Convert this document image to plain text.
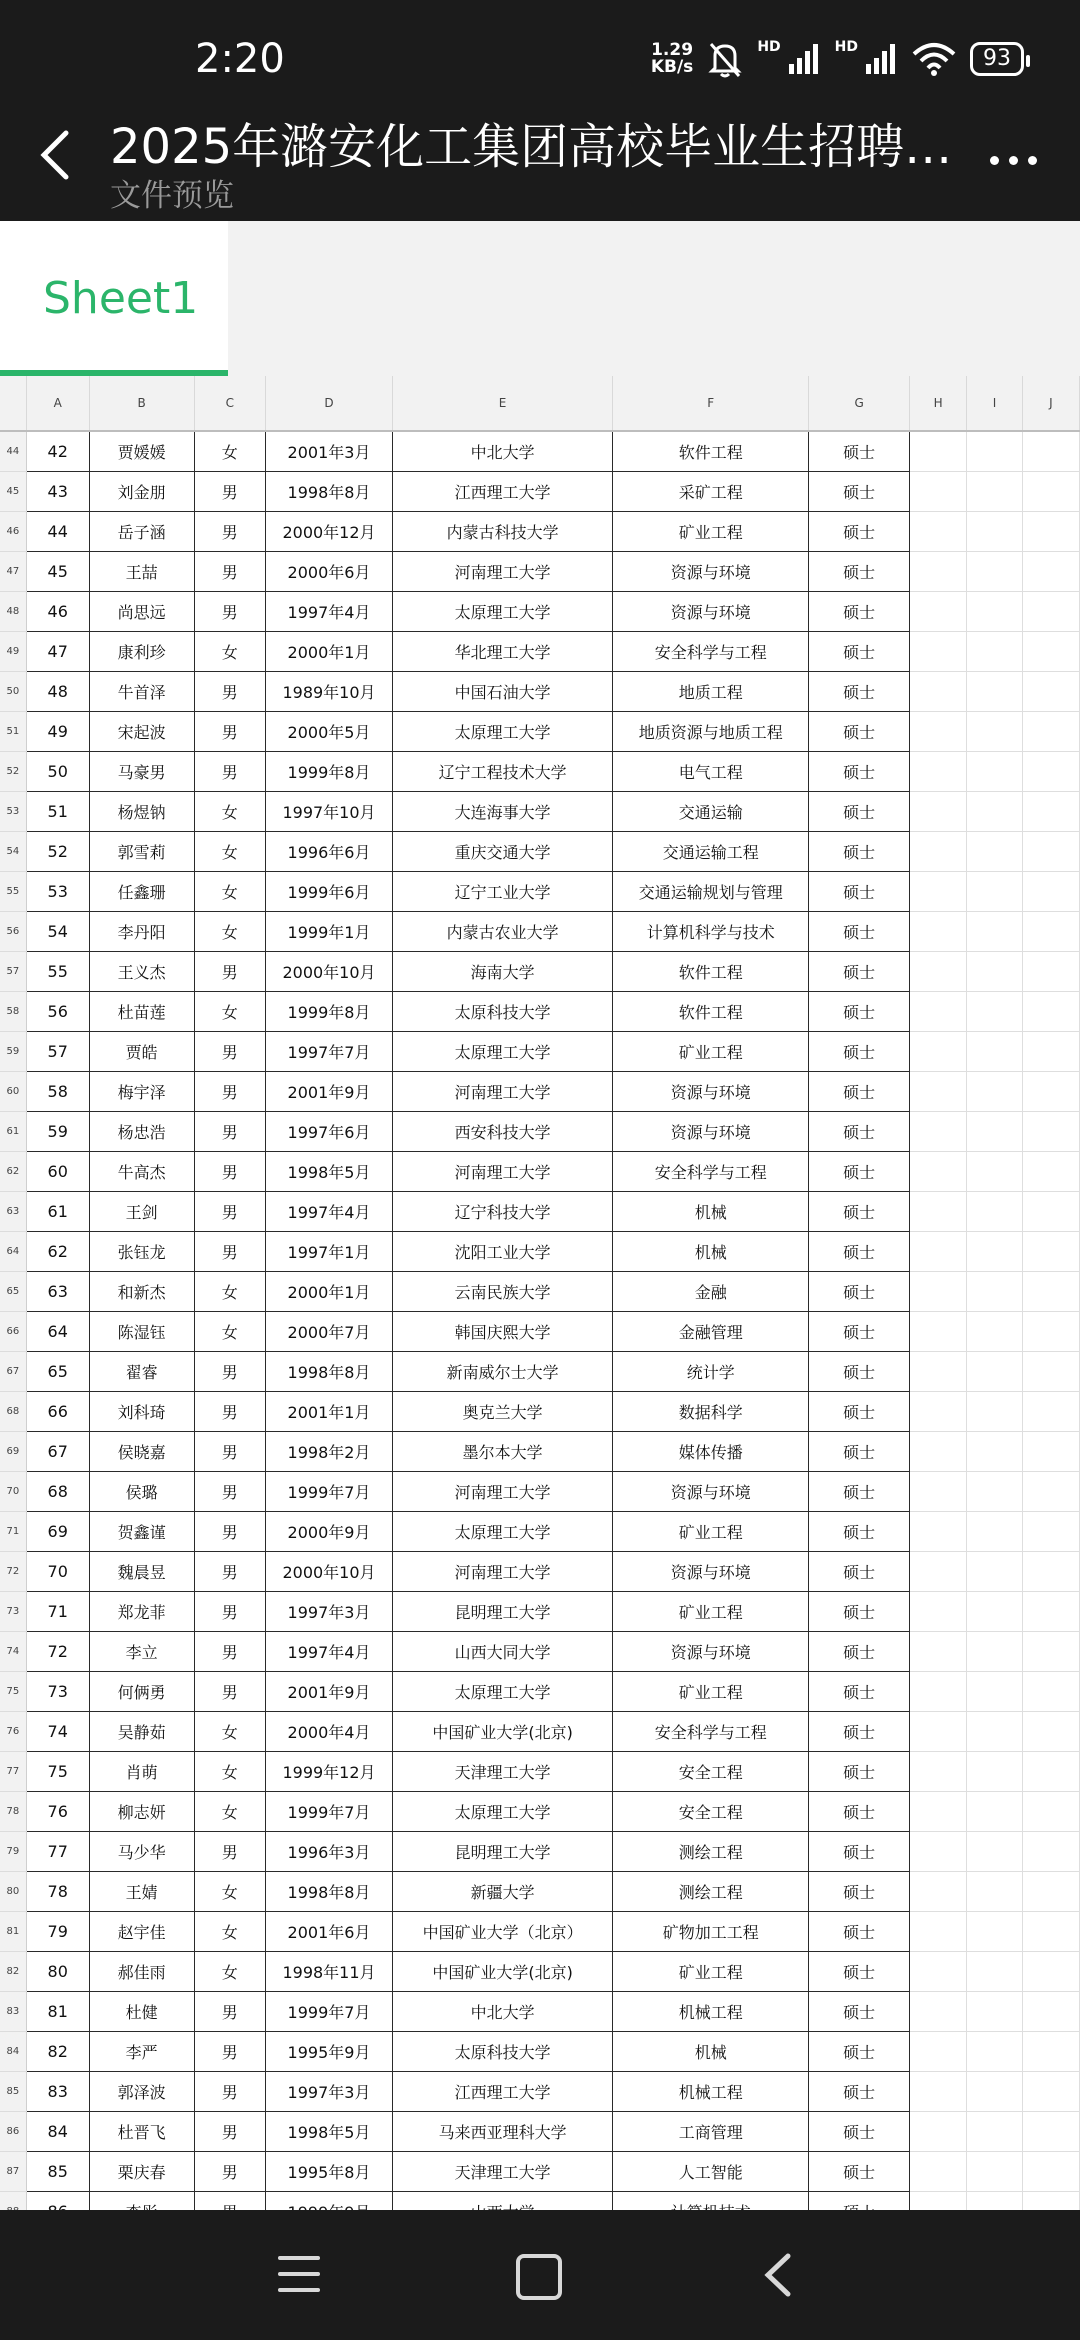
2:20	1.29
KB/s
HD	HD	93
2025年潞安化工集团高校毕业生招聘…
文件预览
Sheet1
	A	B	C	D	E	F	G	H	I	J
44	42	贾媛媛	女	2001年3月	中北大学	软件工程	硕士			
45	43	刘金朋	男	1998年8月	江西理工大学	采矿工程	硕士			
46	44	岳子涵	男	2000年12月	内蒙古科技大学	矿业工程	硕士			
47	45	王喆	男	2000年6月	河南理工大学	资源与环境	硕士			
48	46	尚思远	男	1997年4月	太原理工大学	资源与环境	硕士			
49	47	康利珍	女	2000年1月	华北理工大学	安全科学与工程	硕士			
50	48	牛首泽	男	1989年10月	中国石油大学	地质工程	硕士			
51	49	宋起波	男	2000年5月	太原理工大学	地质资源与地质工程	硕士			
52	50	马豪男	男	1999年8月	辽宁工程技术大学	电气工程	硕士			
53	51	杨煜钠	女	1997年10月	大连海事大学	交通运输	硕士			
54	52	郭雪莉	女	1996年6月	重庆交通大学	交通运输工程	硕士			
55	53	任鑫珊	女	1999年6月	辽宁工业大学	交通运输规划与管理	硕士			
56	54	李丹阳	女	1999年1月	内蒙古农业大学	计算机科学与技术	硕士			
57	55	王义杰	男	2000年10月	海南大学	软件工程	硕士			
58	56	杜苗莲	女	1999年8月	太原科技大学	软件工程	硕士			
59	57	贾皓	男	1997年7月	太原理工大学	矿业工程	硕士			
60	58	梅宇泽	男	2001年9月	河南理工大学	资源与环境	硕士			
61	59	杨忠浩	男	1997年6月	西安科技大学	资源与环境	硕士			
62	60	牛高杰	男	1998年5月	河南理工大学	安全科学与工程	硕士			
63	61	王剑	男	1997年4月	辽宁科技大学	机械	硕士			
64	62	张钰龙	男	1997年1月	沈阳工业大学	机械	硕士			
65	63	和新杰	女	2000年1月	云南民族大学	金融	硕士			
66	64	陈湿钰	女	2000年7月	韩国庆熙大学	金融管理	硕士			
67	65	翟睿	男	1998年8月	新南威尔士大学	统计学	硕士			
68	66	刘科琦	男	2001年1月	奥克兰大学	数据科学	硕士			
69	67	侯晓嘉	男	1998年2月	墨尔本大学	媒体传播	硕士			
70	68	侯璐	男	1999年7月	河南理工大学	资源与环境	硕士			
71	69	贺鑫谨	男	2000年9月	太原理工大学	矿业工程	硕士			
72	70	魏晨昱	男	2000年10月	河南理工大学	资源与环境	硕士			
73	71	郑龙菲	男	1997年3月	昆明理工大学	矿业工程	硕士			
74	72	李立	男	1997年4月	山西大同大学	资源与环境	硕士			
75	73	何俩勇	男	2001年9月	太原理工大学	矿业工程	硕士			
76	74	吴静茹	女	2000年4月	中国矿业大学(北京)	安全科学与工程	硕士			
77	75	肖萌	女	1999年12月	天津理工大学	安全工程	硕士			
78	76	柳志妍	女	1999年7月	太原理工大学	安全工程	硕士			
79	77	马少华	男	1996年3月	昆明理工大学	测绘工程	硕士			
80	78	王婧	女	1998年8月	新疆大学	测绘工程	硕士			
81	79	赵宇佳	女	2001年6月	中国矿业大学（北京）	矿物加工工程	硕士			
82	80	郝佳雨	女	1998年11月	中国矿业大学(北京)	矿业工程	硕士			
83	81	杜健	男	1999年7月	中北大学	机械工程	硕士			
84	82	李严	男	1995年9月	太原科技大学	机械	硕士			
85	83	郭泽波	男	1997年3月	江西理工大学	机械工程	硕士			
86	84	杜晋飞	男	1998年5月	马来西亚理科大学	工商管理	硕士			
87	85	栗庆春	男	1995年8月	天津理工大学	人工智能	硕士			
